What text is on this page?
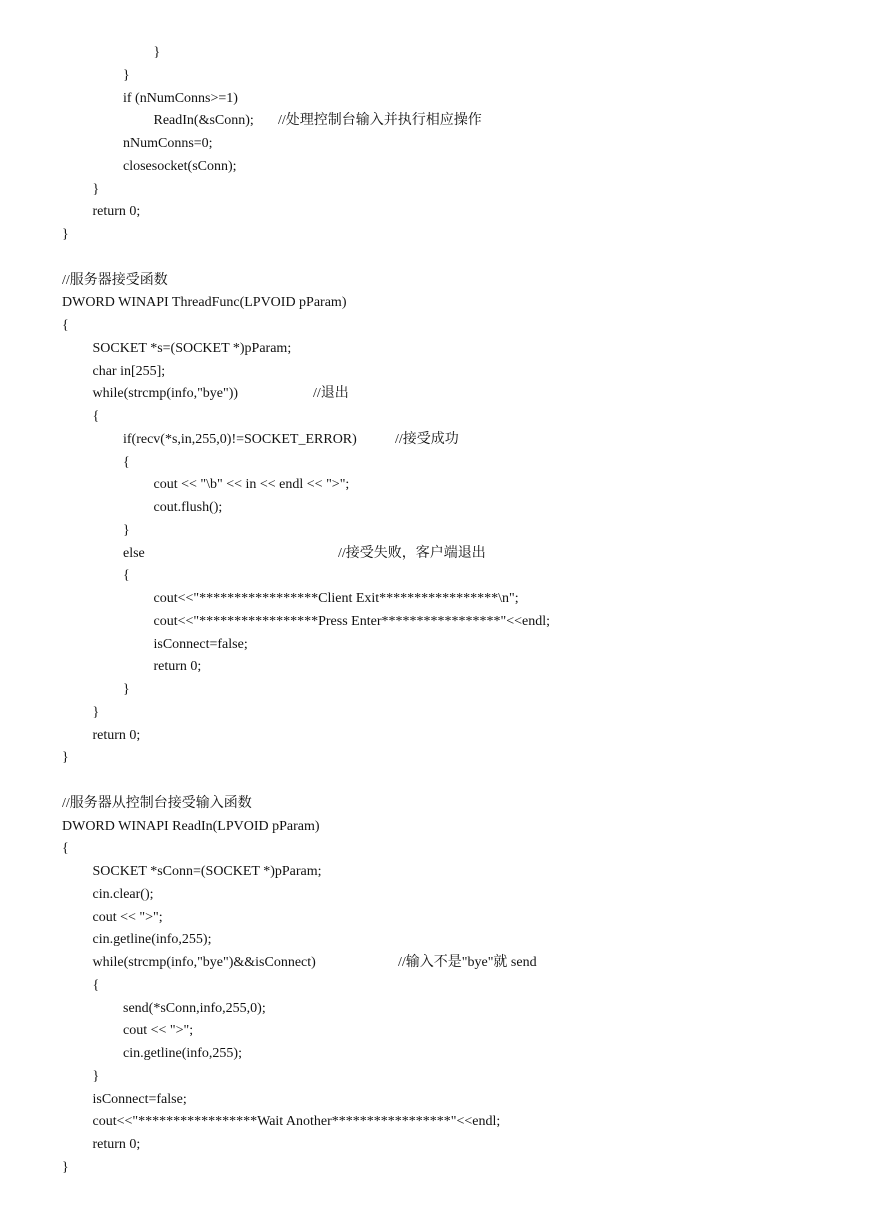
}
}
if (nNumConns>=1)
ReadIn(&sConn); //处理控制台输入并执行相应操作
nNumConns=0;
closesocket(sConn);
}
return 0;
}
//服务器接受函数
DWORD WINAPI ThreadFunc(LPVOID pParam)
{
SOCKET *s=(SOCKET *)pParam;
char in[255];
while(strcmp(info,"bye"))	//退出
{
if(recv(*s,in,255,0)!=SOCKET_ERROR)	//接受成功
{
cout << "\b" << in << endl << ">";
cout.flush();
}
else	//接受失败，客户端退出
{
cout<<"*****************Client Exit*****************\n";
cout<<"*****************Press Enter*****************"<<endl;
isConnect=false;
return 0;
}
}
return 0;
}
//服务器从控制台接受输入函数
DWORD WINAPI ReadIn(LPVOID pParam)
{
SOCKET *sConn=(SOCKET *)pParam;
cin.clear();
cout << ">";
cin.getline(info,255);
while(strcmp(info,"bye")&&isConnect)	//输入不是"bye"就 send
{
send(*sConn,info,255,0);
cout << ">";
cin.getline(info,255);
}
isConnect=false;
cout<<"*****************Wait Another*****************"<<endl;
return 0;
}
